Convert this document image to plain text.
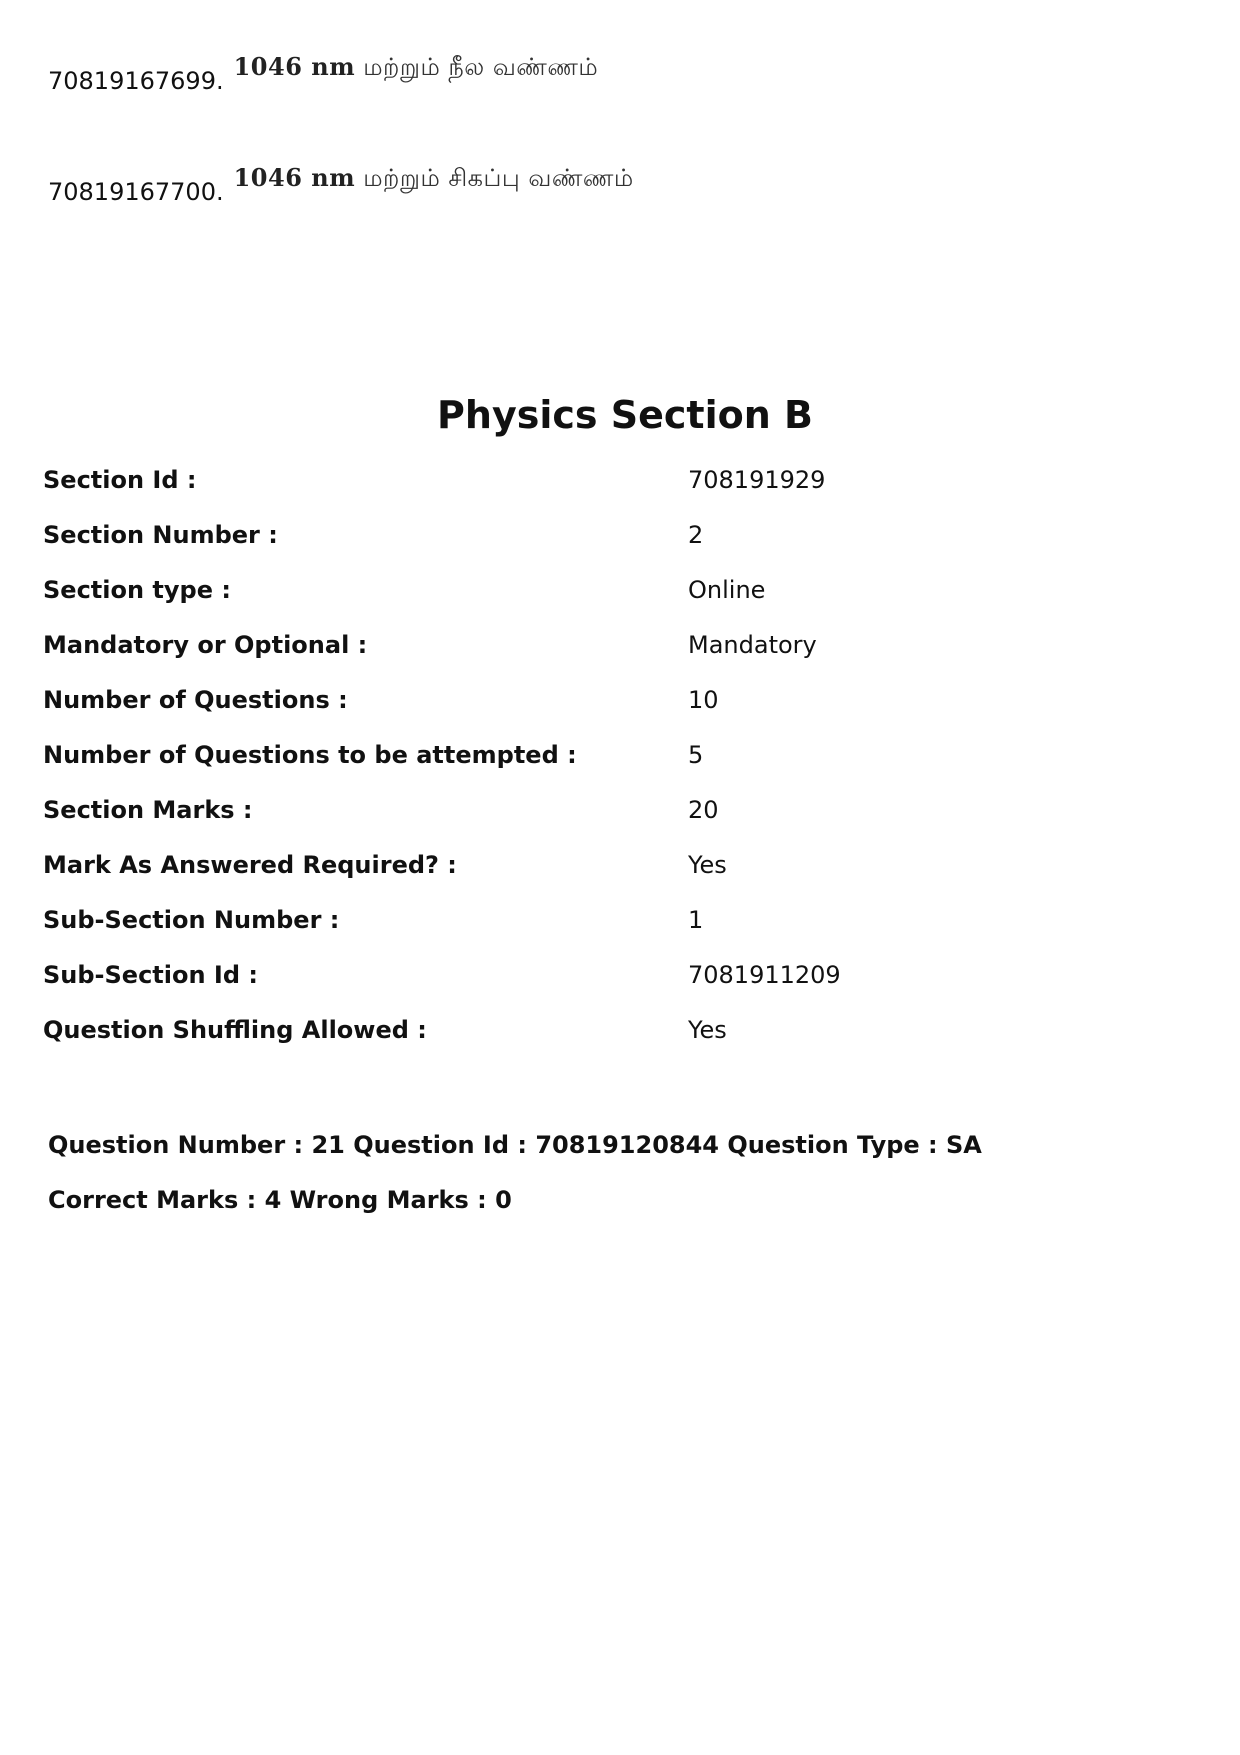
70819167699. 1046 nm மற்றும் நீல வண்ணம்
70819167700. 1046 nm மற்றும் சிகப்பு வண்ணம்
Physics Section B
Section Id :	708191929
Section Number :	2
Section type :	Online
Mandatory or Optional :	Mandatory
Number of Questions :	10
Number of Questions to be attempted :	5
Section Marks :	20
Mark As Answered Required? :	Yes
Sub-Section Number :	1
Sub-Section Id :	7081911209
Question Shuffling Allowed :	Yes
Question Number : 21 Question Id : 70819120844 Question Type : SA
Correct Marks : 4 Wrong Marks : 0
